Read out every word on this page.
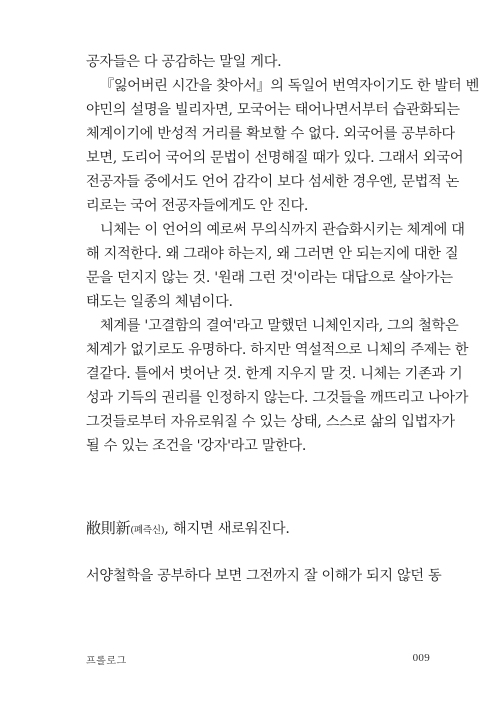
공자들은 다 공감하는 말일 게다.
『잃어버린 시간을 찾아서』의 독일어 번역자이기도 한 발터 벤
야민의 설명을 빌리자면, 모국어는 태어나면서부터 습관화되는
체계이기에 반성적 거리를 확보할 수 없다. 외국어를 공부하다
보면, 도리어 국어의 문법이 선명해질 때가 있다. 그래서 외국어
전공자들 중에서도 언어 감각이 보다 섬세한 경우엔, 문법적 논
리로는 국어 전공자들에게도 안 진다.
니체는 이 언어의 예로써 무의식까지 관습화시키는 체계에 대
해 지적한다. 왜 그래야 하는지, 왜 그러면 안 되는지에 대한 질
문을 던지지 않는 것. '원래 그런 것'이라는 대답으로 살아가는
태도는 일종의 체념이다.
체계를 '고결함의 결여'라고 말했던 니체인지라, 그의 철학은
체계가 없기로도 유명하다. 하지만 역설적으로 니체의 주제는 한
결같다. 틀에서 벗어난 것. 한계 지우지 말 것. 니체는 기존과 기
성과 기득의 권리를 인정하지 않는다. 그것들을 깨뜨리고 나아가
그것들로부터 자유로워질 수 있는 상태, 스스로 삶의 입법자가
될 수 있는 조건을 '강자'라고 말한다.
敝則新(폐즉신), 해지면 새로워진다.
서양철학을 공부하다 보면 그전까지 잘 이해가 되지 않던 동
프롤로그	009
